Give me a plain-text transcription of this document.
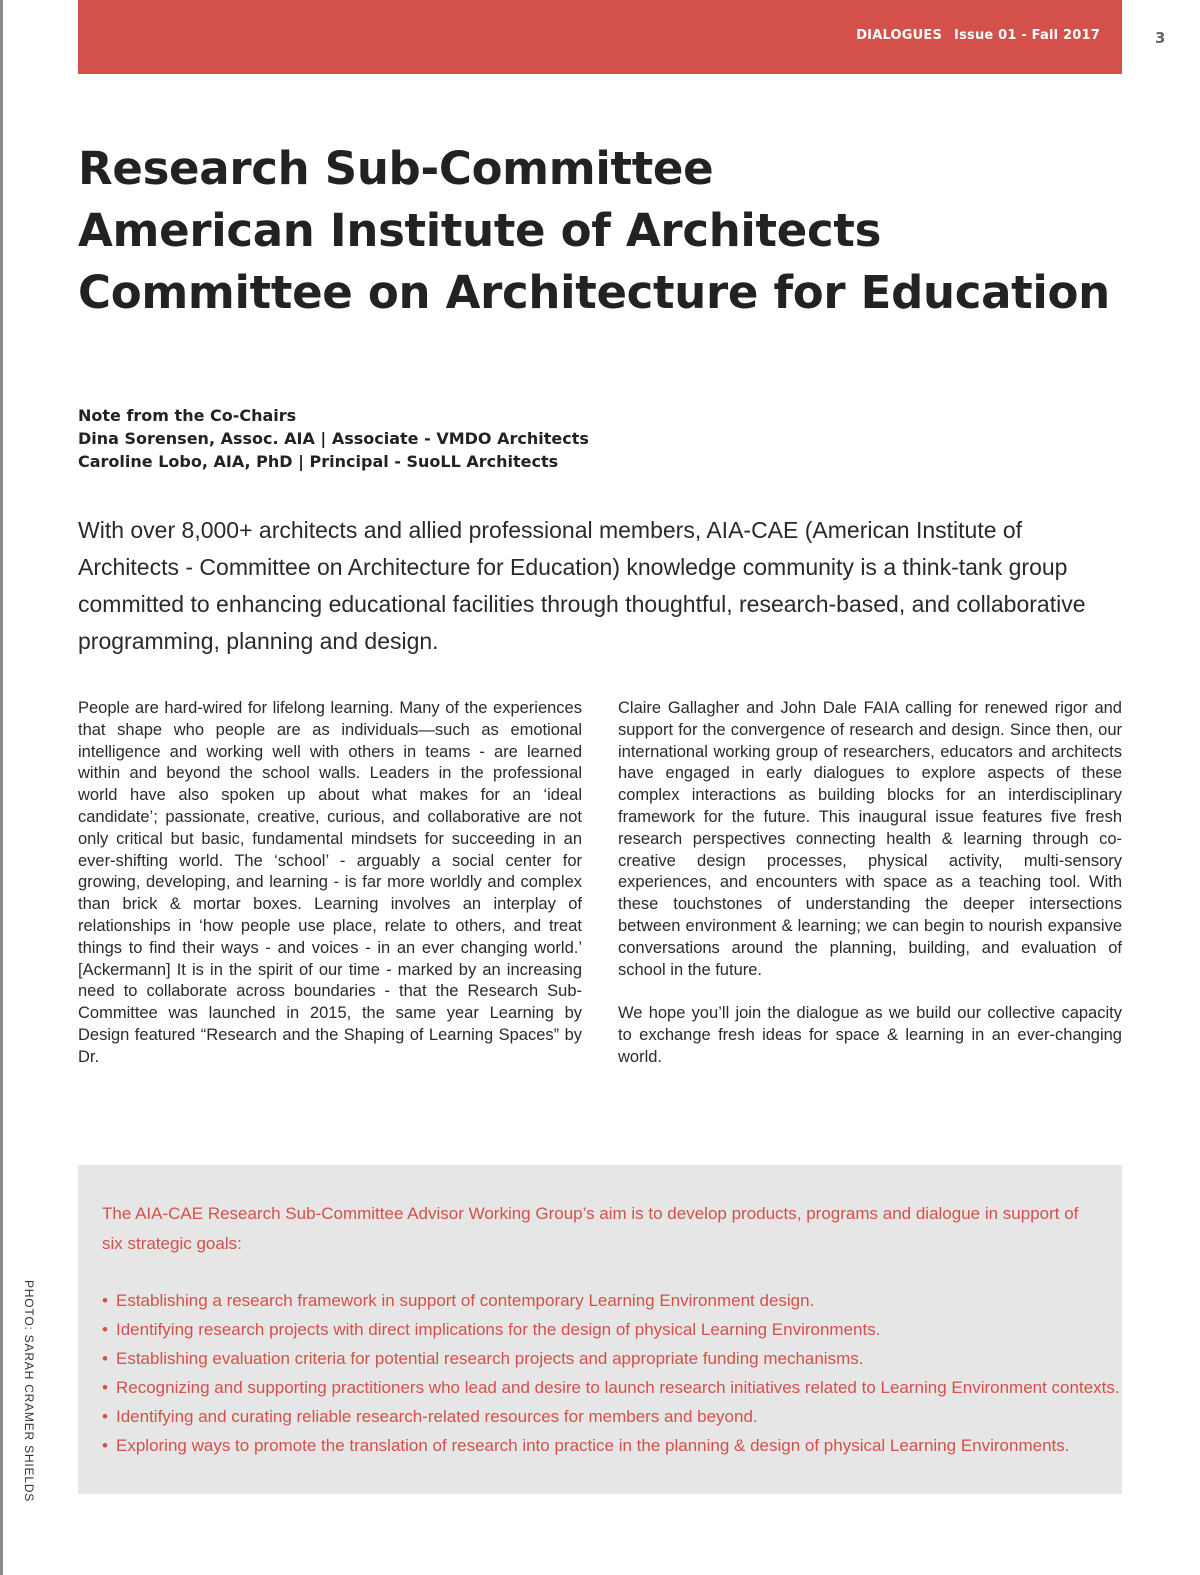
DIALOGUES Issue 01 - Fall 2017	3
Research Sub-Committee
American Institute of Architects
Committee on Architecture for Education
Note from the Co-Chairs
Dina Sorensen, Assoc. AIA | Associate - VMDO Architects
Caroline Lobo, AIA, PhD | Principal - SuoLL Architects

With over 8,000+ architects and allied professional members, AIA-CAE (American Institute of Architects - Committee on Architecture for Education) knowledge community is a think-tank group committed to enhancing educational facilities through thoughtful, research-based, and collaborative programming, planning and design.

People are hard-wired for lifelong learning. Many of the experiences that shape who people are as individuals—such as emotional intelligence and working well with others in teams - are learned within and beyond the school walls. Leaders in the professional world have also spoken up about what makes for an ‘ideal candidate’; passionate, creative, curious, and collaborative are not only critical but basic, fundamental mindsets for succeeding in an ever-shifting world. The ‘school’ - arguably a social center for growing, developing, and learning - is far more worldly and complex than brick & mortar boxes. Learning involves an interplay of relationships in ‘how people use place, relate to others, and treat things to find their ways - and voices - in an ever changing world.’ [Ackermann] It is in the spirit of our time - marked by an increasing need to collaborate across boundaries - that the Research Sub-Committee was launched in 2015, the same year Learning by Design featured “Research and the Shaping of Learning Spaces” by Dr.

Claire Gallagher and John Dale FAIA calling for renewed rigor and support for the convergence of research and design. Since then, our international working group of researchers, educators and architects have engaged in early dialogues to explore aspects of these complex interactions as building blocks for an interdisciplinary framework for the future. This inaugural issue features five fresh research perspectives connecting health & learning through co-creative design processes, physical activity, multi-sensory experiences, and encounters with space as a teaching tool. With these touchstones of understanding the deeper intersections between environment & learning; we can begin to nourish expansive conversations around the planning, building, and evaluation of school in the future.

We hope you’ll join the dialogue as we build our collective capacity to exchange fresh ideas for space & learning in an ever-changing world.

The AIA-CAE Research Sub-Committee Advisor Working Group’s aim is to develop products, programs and dialogue in support of six strategic goals:

• Establishing a research framework in support of contemporary Learning Environment design.
• Identifying research projects with direct implications for the design of physical Learning Environments.
• Establishing evaluation criteria for potential research projects and appropriate funding mechanisms.
• Recognizing and supporting practitioners who lead and desire to launch research initiatives related to Learning Environment contexts.
• Identifying and curating reliable research-related resources for members and beyond.
• Exploring ways to promote the translation of research into practice in the planning & design of physical Learning Environments.
PHOTO: SARAH CRAMER SHIELDS
